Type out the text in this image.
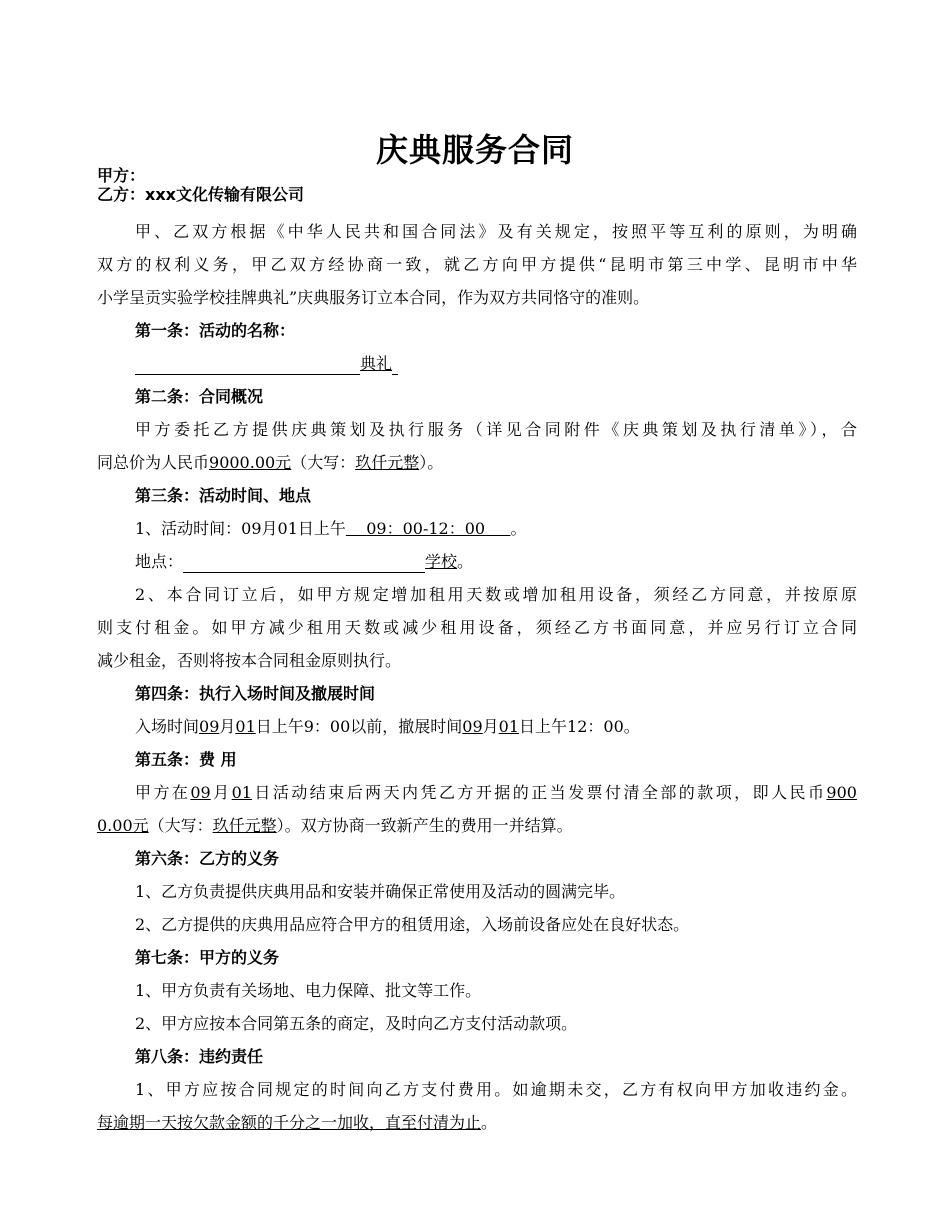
庆典服务合同
甲方：
乙方：xxx文化传输有限公司
甲、乙双方根据《中华人民共和国合同法》及有关规定，按照平等互利的原则，为明确
双方的权利义务，甲乙双方经协商一致，就乙方向甲方提供“昆明市第三中学、昆明市中华
小学呈贡实验学校挂牌典礼”庆典服务订立本合同，作为双方共同恪守的准则。
第一条：活动的名称：
典礼
第二条：合同概况
甲方委托乙方提供庆典策划及执行服务（详见合同附件《庆典策划及执行清单》），合
同总价为人民币9000.00元（大写：玖仟元整）。
第三条：活动时间、地点
1、活动时间：09月01日上午 09：00-12：00 。
地点：	学校。
2、本合同订立后，如甲方规定增加租用天数或增加租用设备，须经乙方同意，并按原原
则支付租金。如甲方减少租用天数或减少租用设备，须经乙方书面同意，并应另行订立合同
减少租金，否则将按本合同租金原则执行。
第四条：执行入场时间及撤展时间
入场时间09月01日上午9：00以前，撤展时间09月01日上午12：00。
第五条：费 用
甲方在09月01日活动结束后两天内凭乙方开据的正当发票付清全部的款项，即人民币900
0.00元（大写：玖仟元整）。双方协商一致新产生的费用一并结算。
第六条：乙方的义务
1、乙方负责提供庆典用品和安装并确保正常使用及活动的圆满完毕。
2、乙方提供的庆典用品应符合甲方的租赁用途，入场前设备应处在良好状态。
第七条：甲方的义务
1、甲方负责有关场地、电力保障、批文等工作。
2、甲方应按本合同第五条的商定，及时向乙方支付活动款项。
第八条：违约责任
1、甲方应按合同规定的时间向乙方支付费用。如逾期未交，乙方有权向甲方加收违约金。
每逾期一天按欠款金额的千分之一加收，直至付清为止。
